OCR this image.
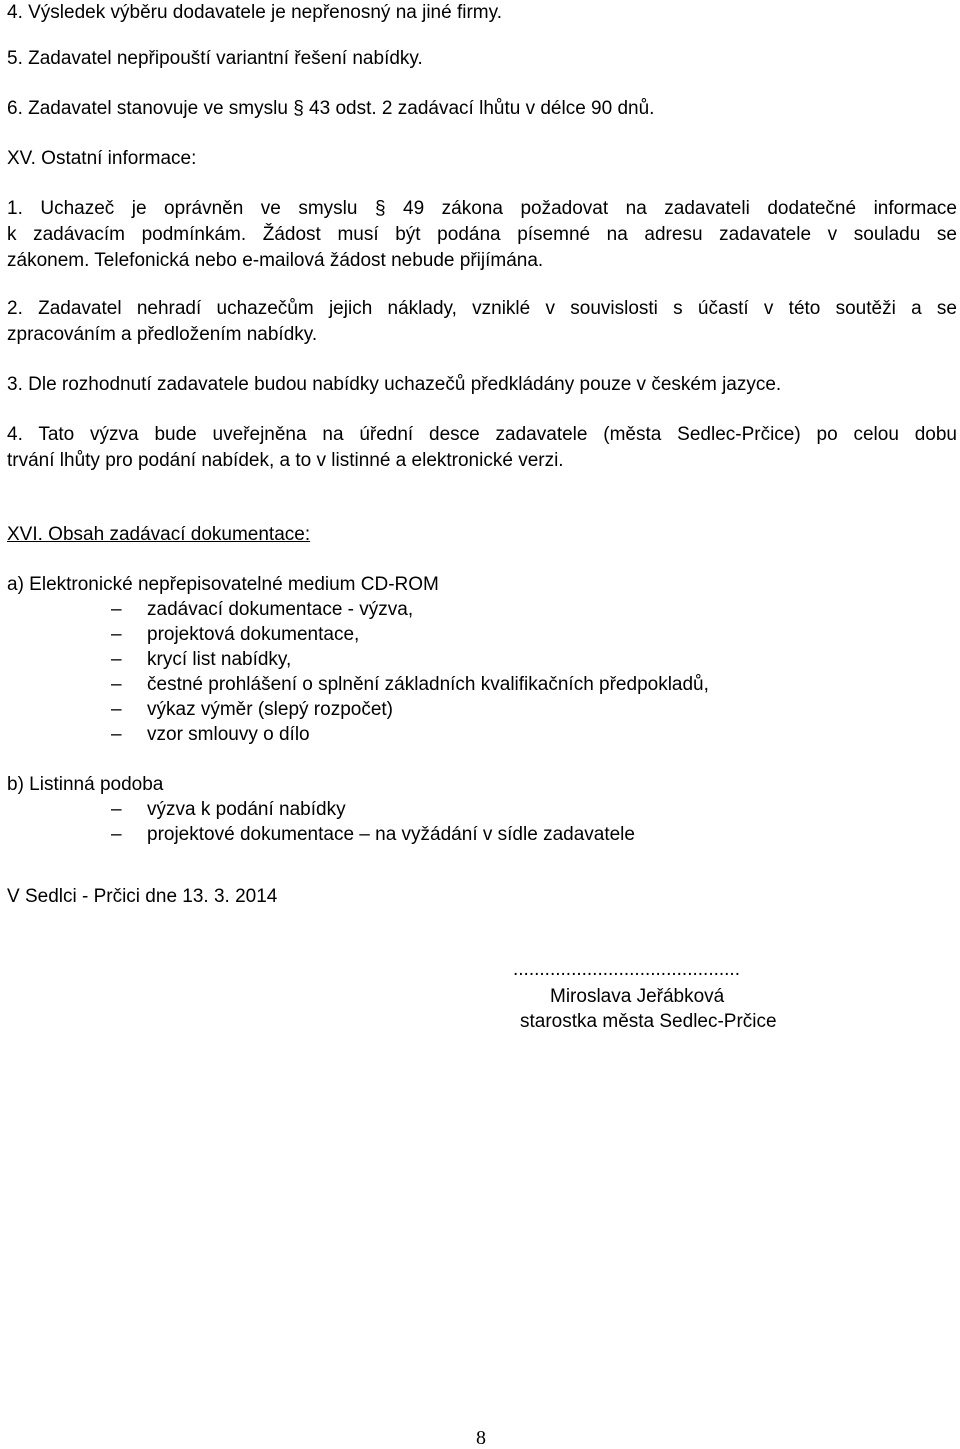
4. Výsledek výběru dodavatele je nepřenosný na jiné firmy.
5. Zadavatel nepřipouští variantní řešení nabídky.
6. Zadavatel stanovuje ve smyslu § 43 odst. 2 zadávací lhůtu v délce 90 dnů.
XV. Ostatní informace:
1. Uchazeč je oprávněn ve smyslu § 49 zákona požadovat na zadavateli dodatečné informace
k zadávacím podmínkám. Žádost musí být podána písemné na adresu zadavatele v souladu se
zákonem. Telefonická nebo e-mailová žádost nebude přijímána.
2. Zadavatel nehradí uchazečům jejich náklady, vzniklé v souvislosti s účastí v této soutěži a se
zpracováním a předložením nabídky.
3. Dle rozhodnutí zadavatele budou nabídky uchazečů předkládány pouze v českém jazyce.
4. Tato výzva bude uveřejněna na úřední desce zadavatele (města Sedlec-Prčice) po celou dobu
trvání lhůty pro podání nabídek, a to v listinné a elektronické verzi.
XVI. Obsah zadávací dokumentace:
a) Elektronické nepřepisovatelné medium CD-ROM
– zadávací dokumentace - výzva,
– projektová dokumentace,
– krycí list nabídky,
– čestné prohlášení o splnění základních kvalifikačních předpokladů,
– výkaz výměr (slepý rozpočet)
– vzor smlouvy o dílo
b) Listinná podoba
– výzva k podání nabídky
– projektové dokumentace – na vyžádání v sídle zadavatele
V Sedlci - Prčici dne 13. 3. 2014
...........................................
Miroslava Jeřábková
starostka města Sedlec-Prčice
8
